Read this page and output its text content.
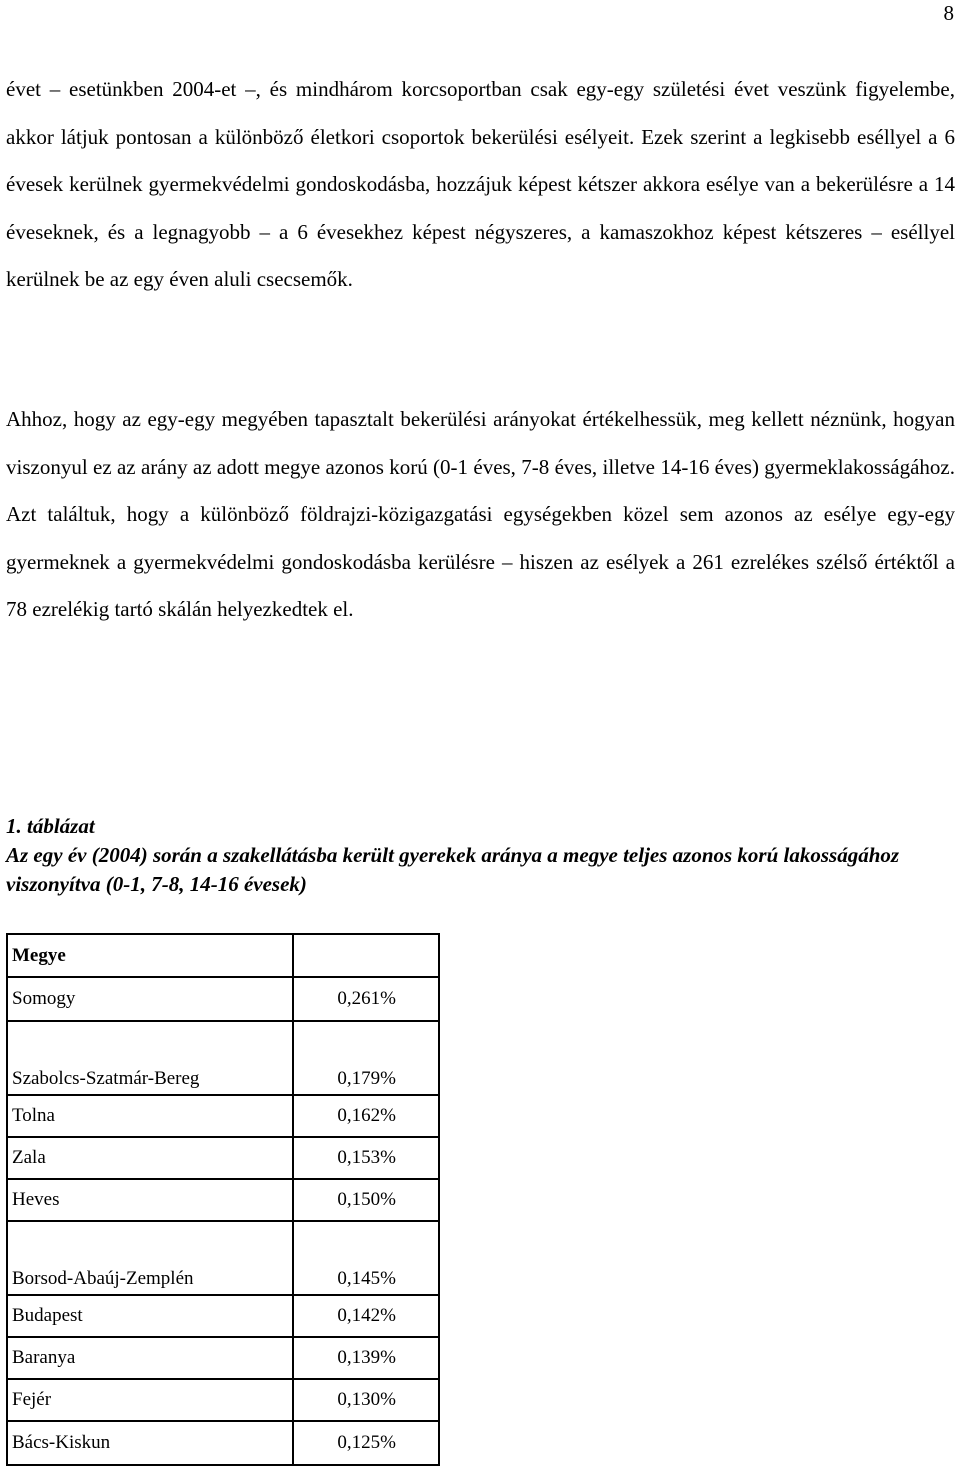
8

évet – esetünkben 2004-et –, és mindhárom korcsoportban csak egy-egy születési évet veszünk figyelembe, akkor látjuk pontosan a különböző életkori csoportok bekerülési esélyeit. Ezek szerint a legkisebb eséllyel a 6 évesek kerülnek gyermekvédelmi gondoskodásba, hozzájuk képest kétszer akkora esélye van a bekerülésre a 14 éveseknek, és a legnagyobb – a 6 évesekhez képest négyszeres, a kamaszokhoz képest kétszeres – eséllyel kerülnek be az egy éven aluli csecsemők.

Ahhoz, hogy az egy-egy megyében tapasztalt bekerülési arányokat értékelhessük, meg kellett néznünk, hogyan viszonyul ez az arány az adott megye azonos korú (0-1 éves, 7-8 éves, illetve 14-16 éves) gyermeklakosságához. Azt találtuk, hogy a különböző földrajzi-közigazgatási egységekben közel sem azonos az esélye egy-egy gyermeknek a gyermekvédelmi gondoskodásba kerülésre – hiszen az esélyek a 261 ezrelékes szélső értéktől a 78 ezrelékig tartó skálán helyezkedtek el.

1. táblázat

Az egy év (2004) során a szakellátásba került gyerekek aránya a megye teljes azonos korú lakosságához viszonyítva (0-1, 7-8, 14-16 évesek)

Megye	
Somogy	0,261%
Szabolcs-Szatmár-Bereg	0,179%
Tolna	0,162%
Zala	0,153%
Heves	0,150%
Borsod-Abaúj-Zemplén	0,145%
Budapest	0,142%
Baranya	0,139%
Fejér	0,130%
Bács-Kiskun	0,125%
